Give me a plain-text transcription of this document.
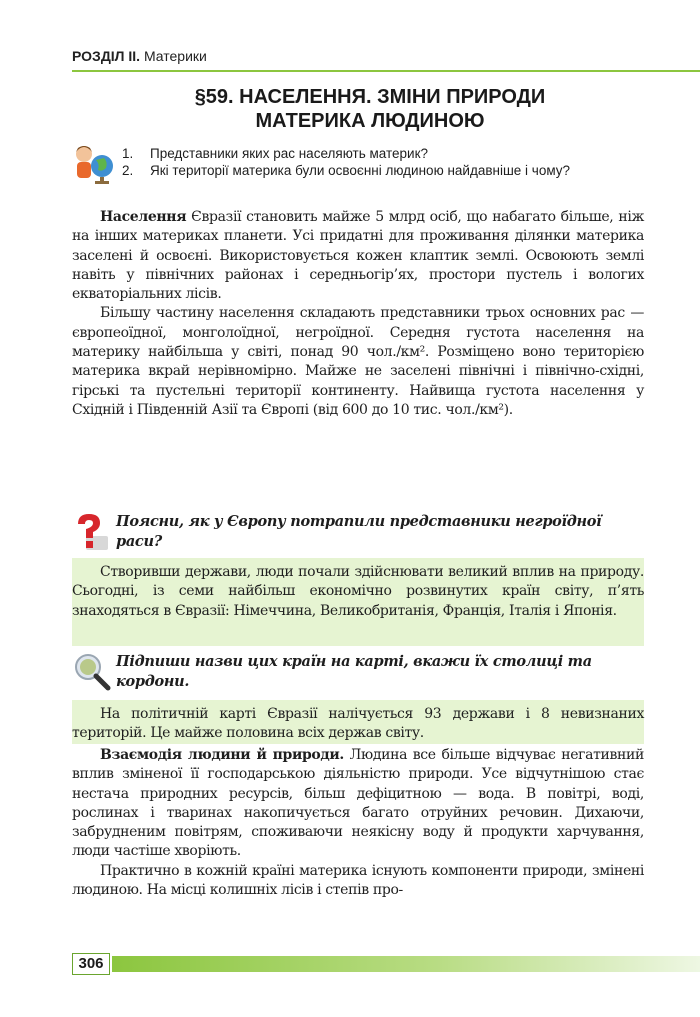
РОЗДІЛ ІІ. Материки
§59. НАСЕЛЕННЯ. ЗМІНИ ПРИРОДИ
МАТЕРИКА ЛЮДИНОЮ
1.	Представники яких рас населяють материк?
2.	Які території материка були освоєнні людиною найдавніше і чому?

Населення Євразії становить майже 5 млрд осіб, що набагато більше, ніж на інших материках планети. Усі придатні для проживання ділянки материка заселені й освоєні. Використовується кожен клаптик землі. Освоюють землі навіть у північних районах і середньогір’ях, простори пустель і вологих екваторіальних лісів.

Більшу частину населення складають представники трьох основних рас — європеоїдної, монголоїдної, негроїдної. Середня густота населення на материку найбільша у світі, понад 90 чол./км². Розміщено воно територією материка вкрай нерівномірно. Майже не заселені північні і північно-східні, гірські та пустельні території континенту. Найвища густота населення у Східній і Південній Азії та Європі (від 600 до 10 тис. чол./км²).

Поясни, як у Європу потрапили представники негроїдної раси?

Створивши держави, люди почали здійснювати великий вплив на природу. Сьогодні, із семи найбільш економічно розвинутих країн світу, п’ять знаходяться в Євразії: Німеччина, Великобританія, Франція, Італія і Японія.

Підпиши назви цих країн на карті, вкажи їх столиці та кордони.

На політичній карті Євразії налічується 93 держави і 8 невизнаних територій. Це майже половина всіх держав світу.

Взаємодія людини й природи. Людина все більше відчуває негативний вплив зміненої її господарською діяльністю природи. Усе відчутнішою стає нестача природних ресурсів, більш дефіцитною — вода. В повітрі, воді, рослинах і тваринах накопичується багато отруйних речовин. Дихаючи, забрудненим повітрям, споживаючи неякісну воду й продукти харчування, люди частіше хворіють.

Практично в кожній країні материка існують компоненти природи, змінені людиною. На місці колишніх лісів і степів про-

306
